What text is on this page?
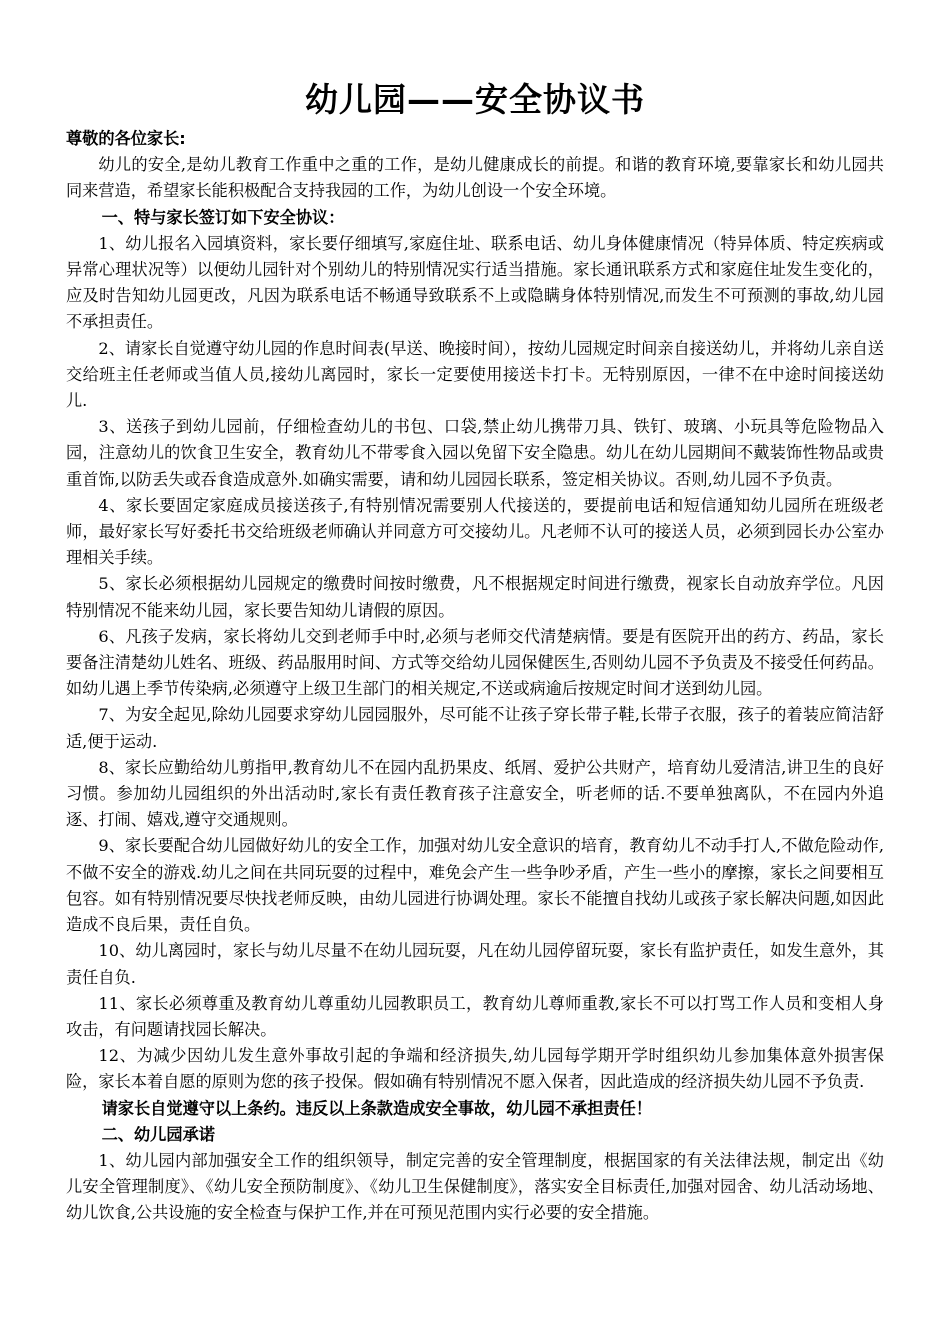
幼儿园——安全协议书

尊敬的各位家长:

幼儿的安全,是幼儿教育工作重中之重的工作，是幼儿健康成长的前提。和谐的教育环境,要靠家长和幼儿园共同来营造，希望家长能积极配合支持我园的工作，为幼儿创设一个安全环境。

一、特与家长签订如下安全协议：

1、幼儿报名入园填资料，家长要仔细填写,家庭住址、联系电话、幼儿身体健康情况（特异体质、特定疾病或异常心理状况等）以便幼儿园针对个别幼儿的特别情况实行适当措施。家长通讯联系方式和家庭住址发生变化的，应及时告知幼儿园更改，凡因为联系电话不畅通导致联系不上或隐瞒身体特别情况,而发生不可预测的事故,幼儿园不承担责任。

2、请家长自觉遵守幼儿园的作息时间表(早送、晚接时间），按幼儿园规定时间亲自接送幼儿，并将幼儿亲自送交给班主任老师或当值人员,接幼儿离园时，家长一定要使用接送卡打卡。无特别原因，一律不在中途时间接送幼儿.

3、送孩子到幼儿园前，仔细检查幼儿的书包、口袋,禁止幼儿携带刀具、铁钉、玻璃、小玩具等危险物品入园，注意幼儿的饮食卫生安全，教育幼儿不带零食入园以免留下安全隐患。幼儿在幼儿园期间不戴装饰性物品或贵重首饰,以防丢失或吞食造成意外.如确实需要，请和幼儿园园长联系，签定相关协议。否则,幼儿园不予负责。

4、家长要固定家庭成员接送孩子,有特别情况需要别人代接送的，要提前电话和短信通知幼儿园所在班级老师，最好家长写好委托书交给班级老师确认并同意方可交接幼儿。凡老师不认可的接送人员，必须到园长办公室办理相关手续。

5、家长必须根据幼儿园规定的缴费时间按时缴费，凡不根据规定时间进行缴费，视家长自动放弃学位。凡因特别情况不能来幼儿园，家长要告知幼儿请假的原因。

6、凡孩子发病，家长将幼儿交到老师手中时,必须与老师交代清楚病情。要是有医院开出的药方、药品，家长要备注清楚幼儿姓名、班级、药品服用时间、方式等交给幼儿园保健医生,否则幼儿园不予负责及不接受任何药品。如幼儿遇上季节传染病,必须遵守上级卫生部门的相关规定,不送或病逾后按规定时间才送到幼儿园。

7、为安全起见,除幼儿园要求穿幼儿园园服外，尽可能不让孩子穿长带子鞋,长带子衣服，孩子的着装应简洁舒适,便于运动.

8、家长应勤给幼儿剪指甲,教育幼儿不在园内乱扔果皮、纸屑、爱护公共财产，培育幼儿爱清洁,讲卫生的良好习惯。参加幼儿园组织的外出活动时,家长有责任教育孩子注意安全，听老师的话.不要单独离队，不在园内外追逐、打闹、嬉戏,遵守交通规则。

9、家长要配合幼儿园做好幼儿的安全工作，加强对幼儿安全意识的培育，教育幼儿不动手打人,不做危险动作,不做不安全的游戏.幼儿之间在共同玩耍的过程中，难免会产生一些争吵矛盾，产生一些小的摩擦，家长之间要相互包容。如有特别情况要尽快找老师反映，由幼儿园进行协调处理。家长不能擅自找幼儿或孩子家长解决问题,如因此造成不良后果，责任自负。

10、幼儿离园时，家长与幼儿尽量不在幼儿园玩耍，凡在幼儿园停留玩耍，家长有监护责任，如发生意外，其责任自负.

11、家长必须尊重及教育幼儿尊重幼儿园教职员工，教育幼儿尊师重教,家长不可以打骂工作人员和变相人身攻击，有问题请找园长解决。

12、为减少因幼儿发生意外事故引起的争端和经济损失,幼儿园每学期开学时组织幼儿参加集体意外损害保险，家长本着自愿的原则为您的孩子投保。假如确有特别情况不愿入保者，因此造成的经济损失幼儿园不予负责.

请家长自觉遵守以上条约。违反以上条款造成安全事故，幼儿园不承担责任！

二、幼儿园承诺

1、幼儿园内部加强安全工作的组织领导，制定完善的安全管理制度，根据国家的有关法律法规，制定出《幼儿安全管理制度》、《幼儿安全预防制度》、《幼儿卫生保健制度》，落实安全目标责任,加强对园舍、幼儿活动场地、幼儿饮食,公共设施的安全检查与保护工作,并在可预见范围内实行必要的安全措施。
